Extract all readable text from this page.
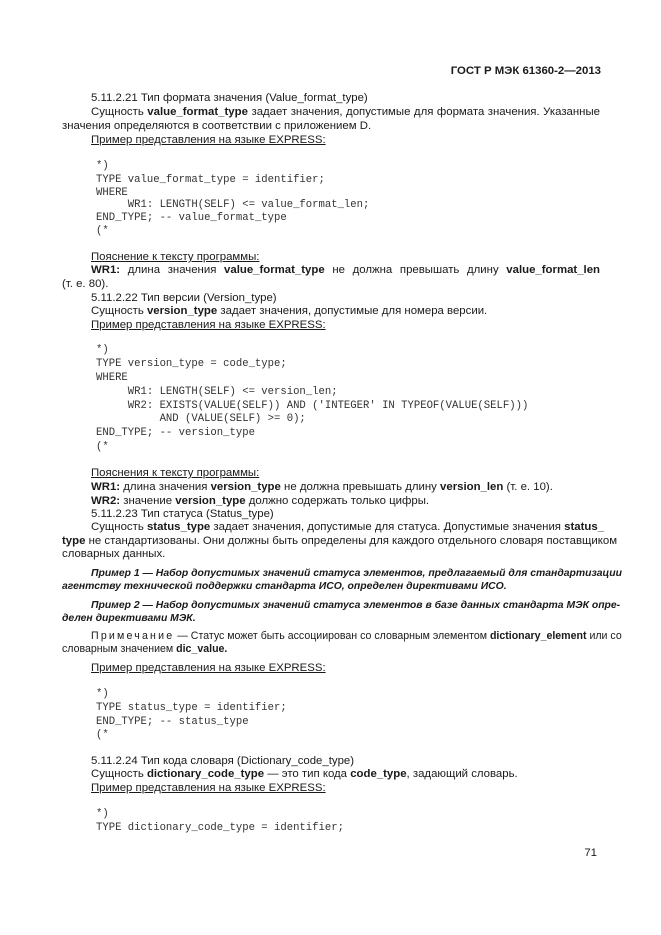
ГОСТ Р МЭК 61360-2—2013
5.11.2.21 Тип формата значения (Value_format_type)
Сущность value_format_type задает значения, допустимые для формата значения. Указанные
значения определяются в соответствии с приложением D.
Пример представления на языке EXPRESS:
*)
TYPE value_format_type = identifier;
WHERE
WR1: LENGTH(SELF) <= value_format_len;
END_TYPE; -- value_format_type
(*
Пояснение к тексту программы:
WR1: длина значения value_format_type не должна превышать длину value_format_len
(т. е. 80).
5.11.2.22 Тип версии (Version_type)
Сущность version_type задает значения, допустимые для номера версии.
Пример представления на языке EXPRESS:
*)
TYPE version_type = code_type;
WHERE
WR1: LENGTH(SELF) <= version_len;
WR2: EXISTS(VALUE(SELF)) AND ('INTEGER' IN TYPEOF(VALUE(SELF)))
AND (VALUE(SELF) >= 0);
END_TYPE; -- version_type
(*
Пояснения к тексту программы:
WR1: длина значения version_type не должна превышать длину version_len (т. е. 10).
WR2: значение version_type должно содержать только цифры.
5.11.2.23 Тип статуса (Status_type)
Сущность status_type задает значения, допустимые для статуса. Допустимые значения status_
type не стандартизованы. Они должны быть определены для каждого отдельного словаря поставщиком
словарных данных.
Пример 1 — Набор допустимых значений статуса элементов, предлагаемый для стандартизации
агентству технической поддержки стандарта ИСО, определен директивами ИСО.
Пример 2 — Набор допустимых значений статуса элементов в базе данных стандарта МЭК опре-
делен директивами МЭК.
Примечание — Статус может быть ассоциирован со словарным элементом dictionary_element или со
словарным значением dic_value.
Пример представления на языке EXPRESS:
*)
TYPE status_type = identifier;
END_TYPE; -- status_type
(*
5.11.2.24 Тип кода словаря (Dictionary_code_type)
Сущность dictionary_code_type — это тип кода code_type, задающий словарь.
Пример представления на языке EXPRESS:
*)
TYPE dictionary_code_type = identifier;
71
